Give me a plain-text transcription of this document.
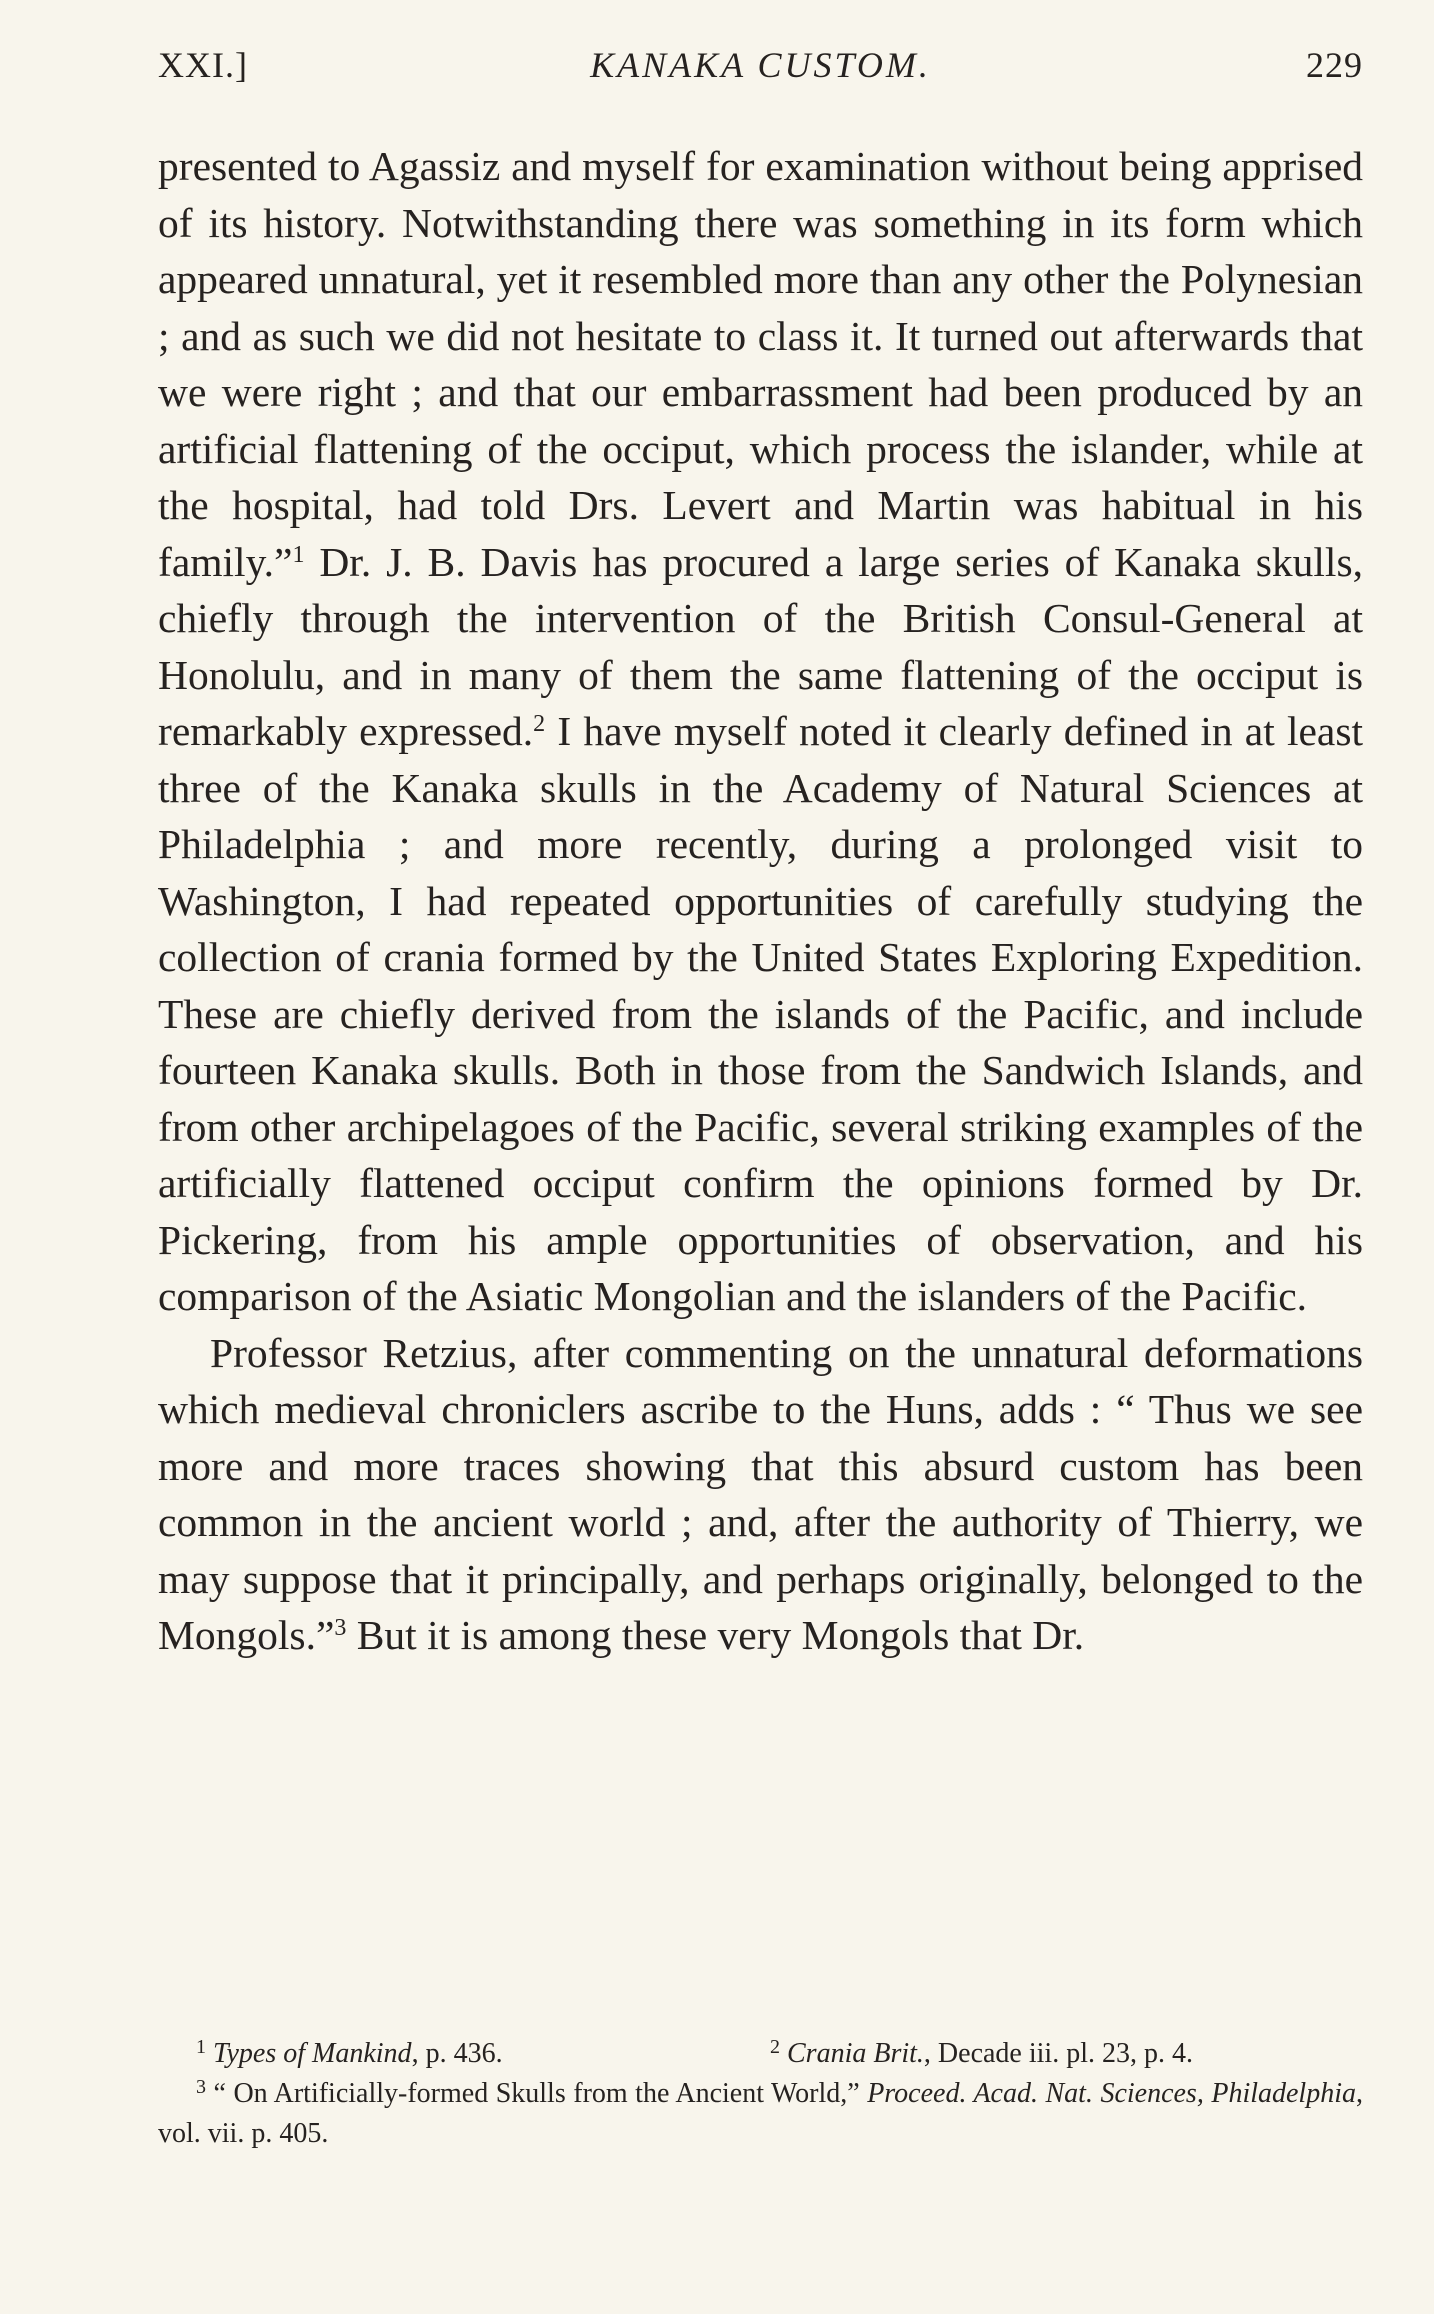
XXI.]	KANAKA CUSTOM.	229

presented to Agassiz and myself for examination without being apprised of its history. Notwithstanding there was something in its form which appeared unnatural, yet it resembled more than any other the Polynesian ; and as such we did not hesitate to class it. It turned out afterwards that we were right ; and that our embarrassment had been produced by an artificial flattening of the occiput, which process the islander, while at the hospital, had told Drs. Levert and Martin was habitual in his family.”$^1$ Dr. J. B. Davis has procured a large series of Kanaka skulls, chiefly through the intervention of the British Consul-General at Honolulu, and in many of them the same flattening of the occiput is remarkably expressed.$^2$ I have myself noted it clearly defined in at least three of the Kanaka skulls in the Academy of Natural Sciences at Philadelphia ; and more recently, during a prolonged visit to Washington, I had repeated opportunities of carefully studying the collection of crania formed by the United States Exploring Expedition. These are chiefly derived from the islands of the Pacific, and include fourteen Kanaka skulls. Both in those from the Sandwich Islands, and from other archipelagoes of the Pacific, several striking examples of the artificially flattened occiput confirm the opinions formed by Dr. Pickering, from his ample opportunities of observation, and his comparison of the Asiatic Mongolian and the islanders of the Pacific.

Professor Retzius, after commenting on the unnatural deformations which medieval chroniclers ascribe to the Huns, adds : “ Thus we see more and more traces showing that this absurd custom has been common in the ancient world ; and, after the authority of Thierry, we may suppose that it principally, and perhaps originally, belonged to the Mongols.”$^3$ But it is among these very Mongols that Dr.

$^1$ Types of Mankind, p. 436.	$^2$ Crania Brit., Decade iii. pl. 23, p. 4.
$^3$ “ On Artificially-formed Skulls from the Ancient World,” Proceed. Acad. Nat. Sciences, Philadelphia, vol. vii. p. 405.
